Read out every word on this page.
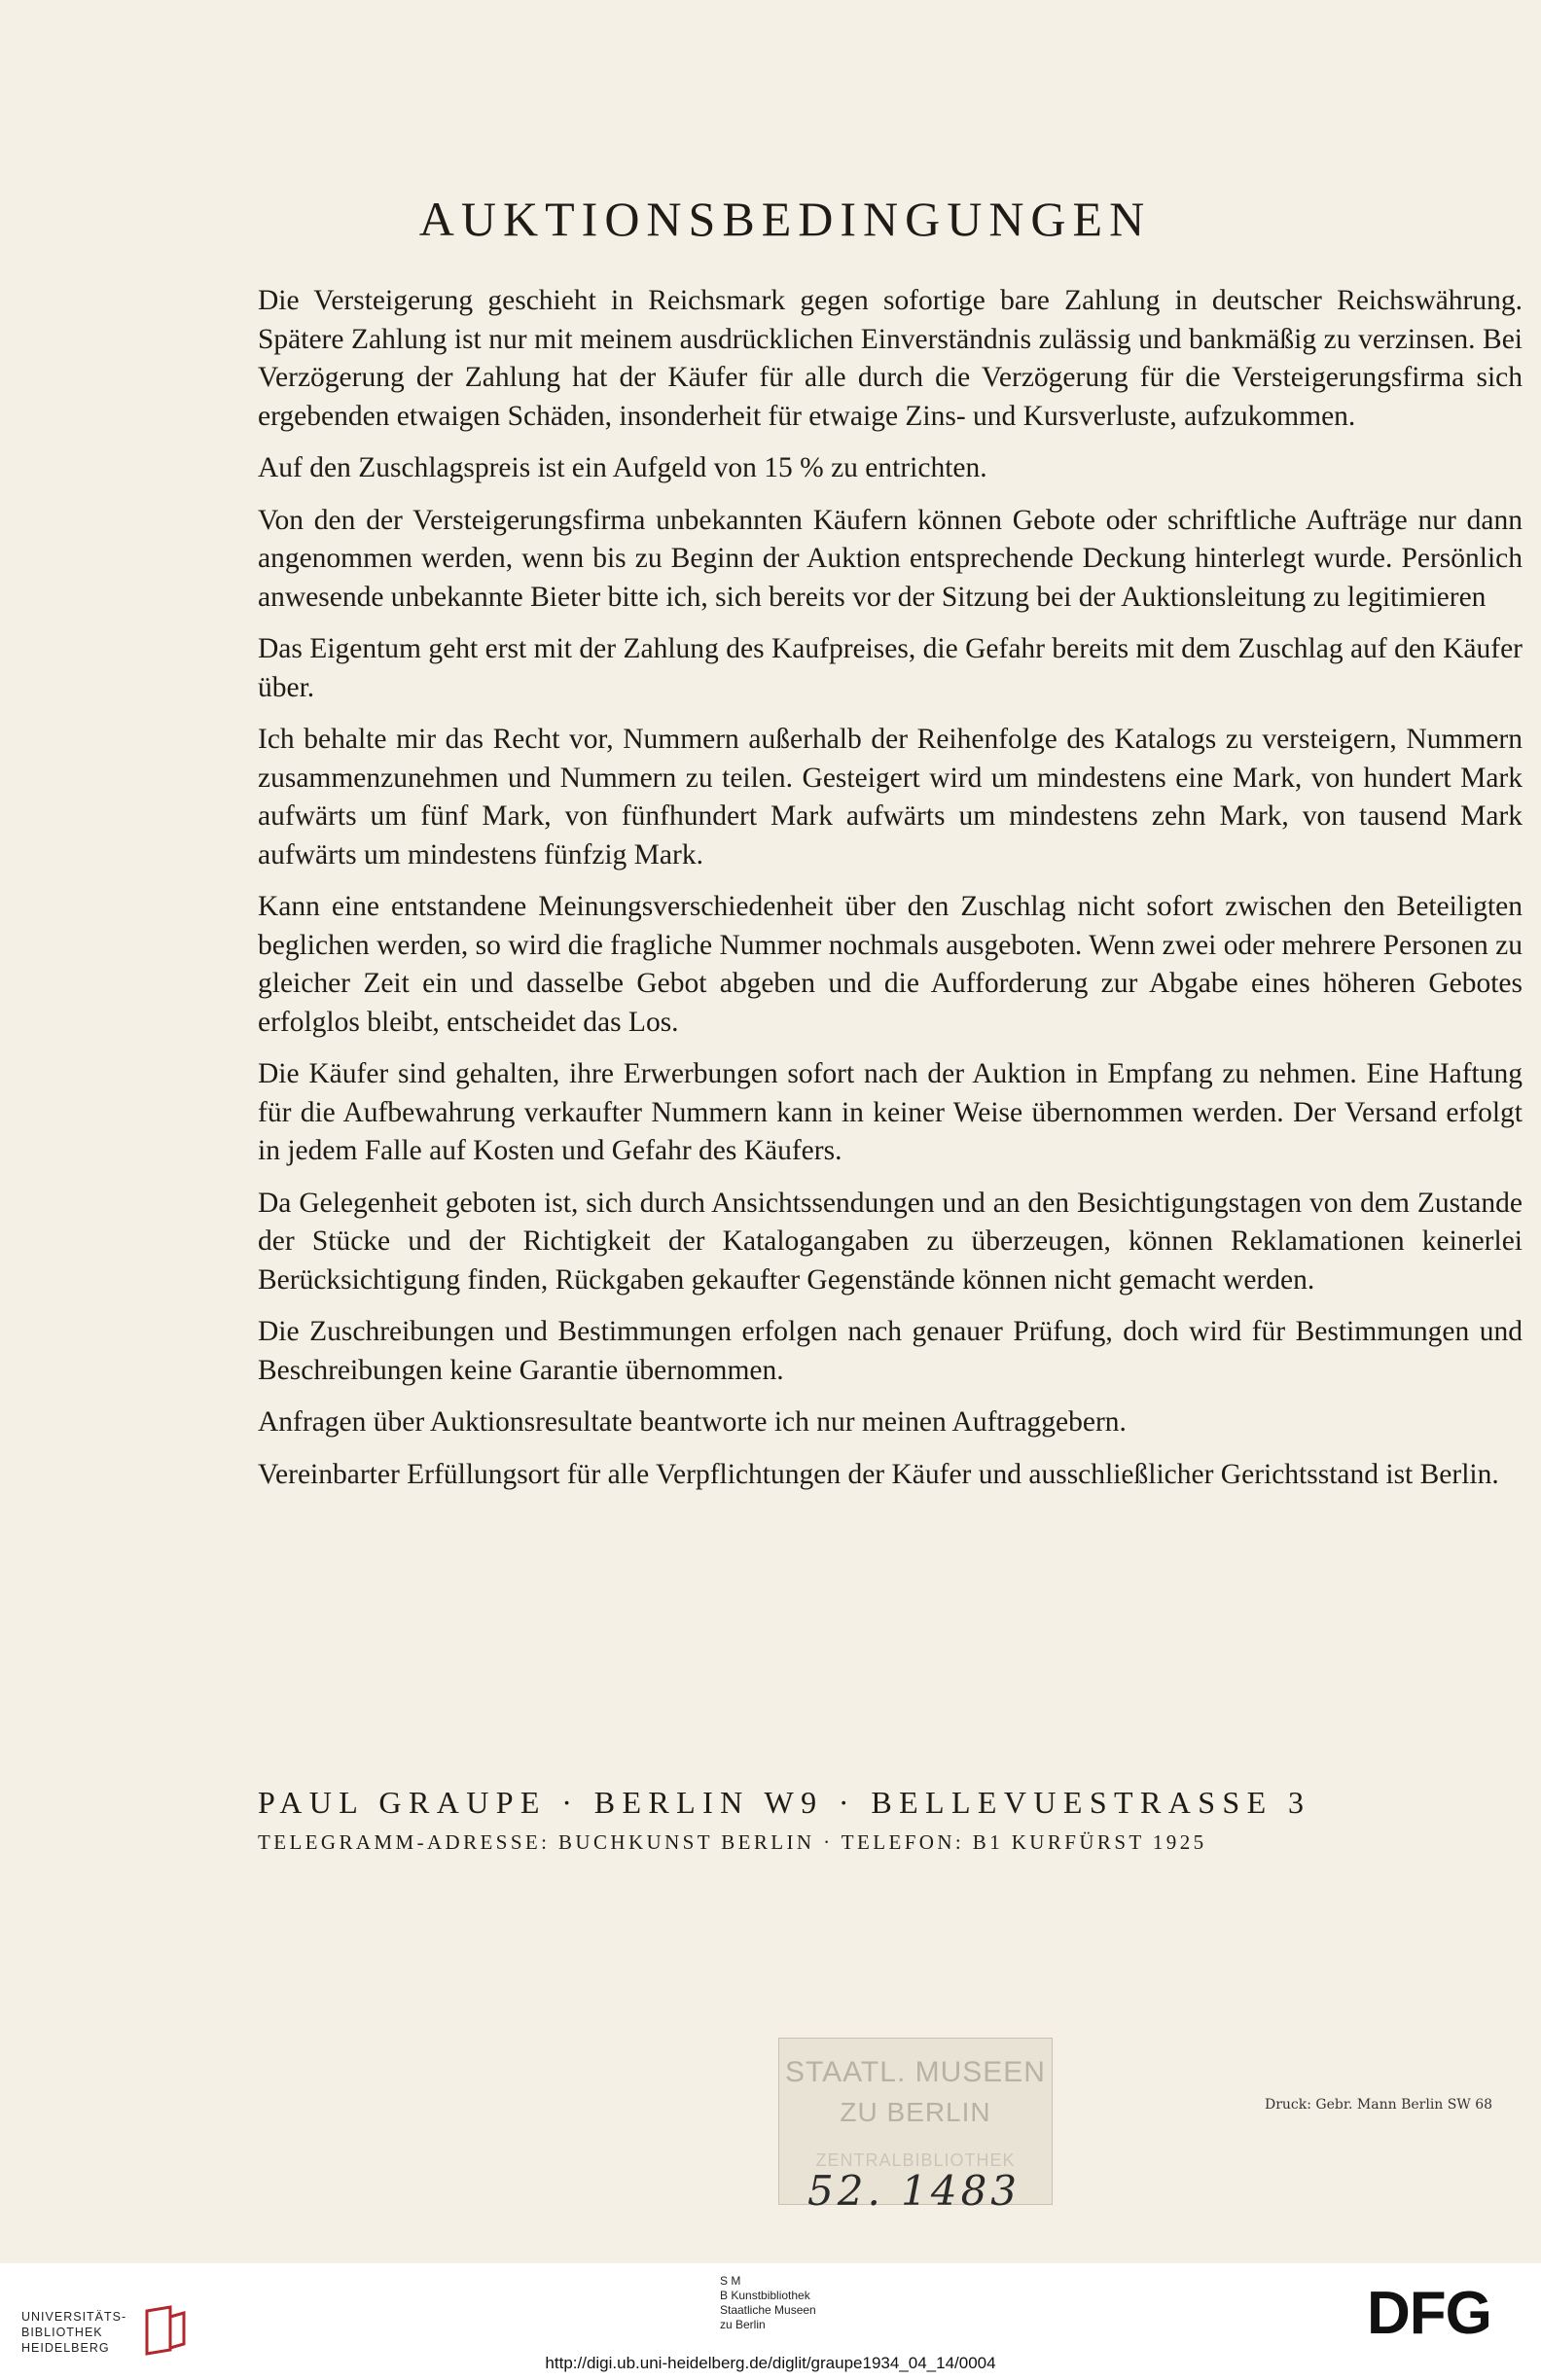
AUKTIONSBEDINGUNGEN

Die Versteigerung geschieht in Reichsmark gegen sofortige bare Zahlung in deutscher Reichswährung. Spätere Zahlung ist nur mit meinem ausdrücklichen Einverständnis zulässig und bankmäßig zu verzinsen. Bei Verzögerung der Zahlung hat der Käufer für alle durch die Verzögerung für die Versteigerungsfirma sich ergebenden etwaigen Schäden, insonderheit für etwaige Zins- und Kursverluste, aufzukommen.

Auf den Zuschlagspreis ist ein Aufgeld von 15 % zu entrichten.

Von den der Versteigerungsfirma unbekannten Käufern können Gebote oder schriftliche Aufträge nur dann angenommen werden, wenn bis zu Beginn der Auktion entsprechende Deckung hinterlegt wurde. Persönlich anwesende unbekannte Bieter bitte ich, sich bereits vor der Sitzung bei der Auktionsleitung zu legitimieren

Das Eigentum geht erst mit der Zahlung des Kaufpreises, die Gefahr bereits mit dem Zuschlag auf den Käufer über.

Ich behalte mir das Recht vor, Nummern außerhalb der Reihenfolge des Katalogs zu versteigern, Nummern zusammenzunehmen und Nummern zu teilen. Gesteigert wird um mindestens eine Mark, von hundert Mark aufwärts um fünf Mark, von fünfhundert Mark aufwärts um mindestens zehn Mark, von tausend Mark aufwärts um mindestens fünfzig Mark.

Kann eine entstandene Meinungsverschiedenheit über den Zuschlag nicht sofort zwischen den Beteiligten beglichen werden, so wird die fragliche Nummer nochmals ausgeboten. Wenn zwei oder mehrere Personen zu gleicher Zeit ein und dasselbe Gebot abgeben und die Aufforderung zur Abgabe eines höheren Gebotes erfolglos bleibt, entscheidet das Los.

Die Käufer sind gehalten, ihre Erwerbungen sofort nach der Auktion in Empfang zu nehmen. Eine Haftung für die Aufbewahrung verkaufter Nummern kann in keiner Weise übernommen werden. Der Versand erfolgt in jedem Falle auf Kosten und Gefahr des Käufers.

Da Gelegenheit geboten ist, sich durch Ansichtssendungen und an den Besichtigungstagen von dem Zustande der Stücke und der Richtigkeit der Katalogangaben zu überzeugen, können Reklamationen keinerlei Berücksichtigung finden, Rückgaben gekaufter Gegenstände können nicht gemacht werden.

Die Zuschreibungen und Bestimmungen erfolgen nach genauer Prüfung, doch wird für Bestimmungen und Beschreibungen keine Garantie übernommen.

Anfragen über Auktionsresultate beantworte ich nur meinen Auftraggebern.

Vereinbarter Erfüllungsort für alle Verpflichtungen der Käufer und ausschließlicher Gerichtsstand ist Berlin.

PAUL GRAUPE · BERLIN W9 · BELLEVUESTRASSE 3

TELEGRAMM-ADRESSE: BUCHKUNST BERLIN · TELEFON: B1 KURFÜRST 1925

STAATL. MUSEEN
ZU BERLIN
ZENTRALBIBLIOTHEK
Druck: Gebr. Mann Berlin SW 68
52. 1483
UNIVERSITÄTS-
BIBLIOTHEK
HEIDELBERG
S M
B Kunstbibliothek
Staatliche Museen
zu Berlin	DFG
http://digi.ub.uni-heidelberg.de/diglit/graupe1934_04_14/0004
